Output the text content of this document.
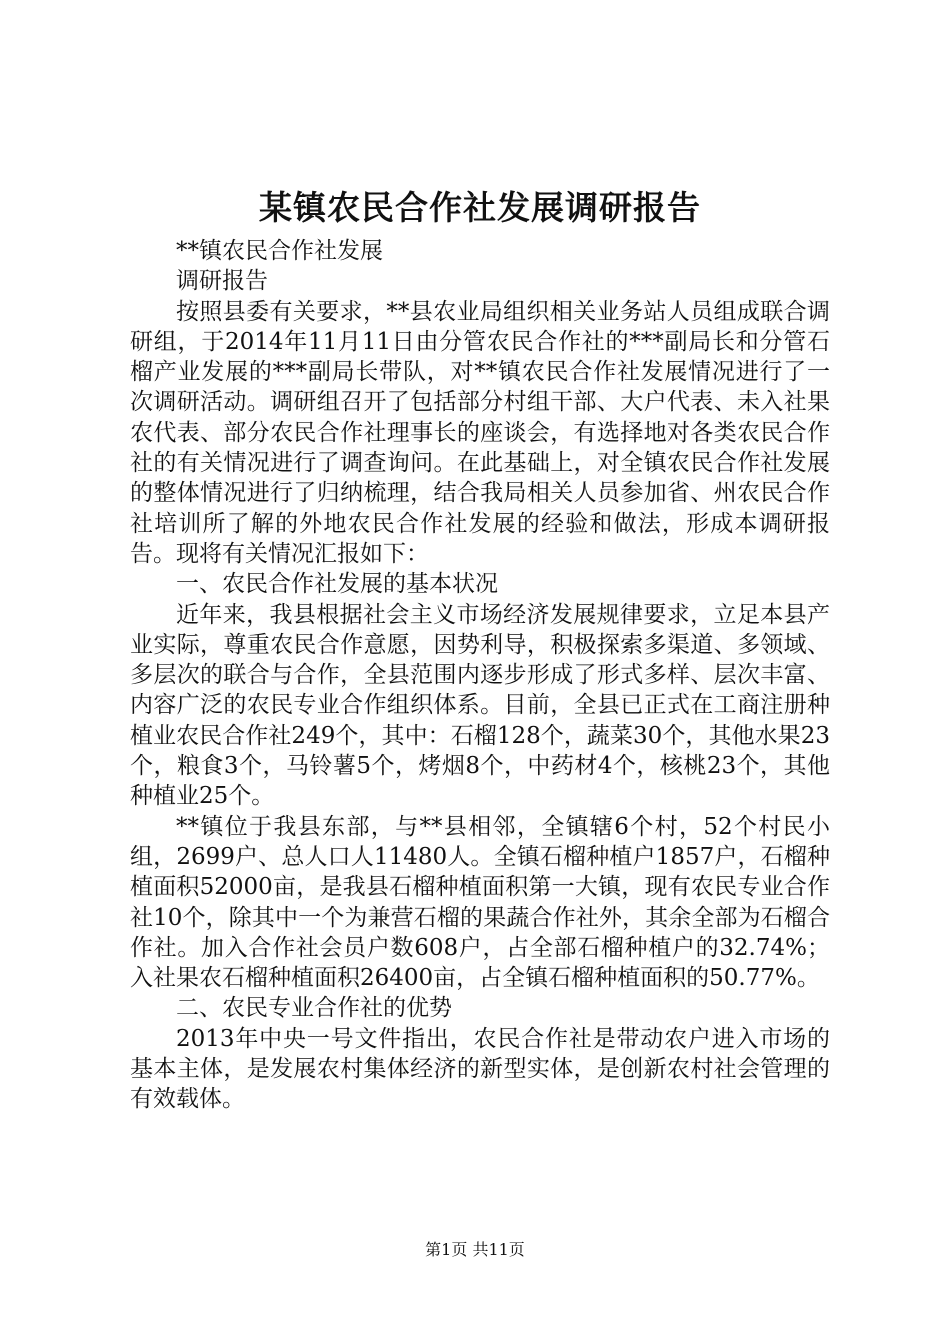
某镇农民合作社发展调研报告

**镇农民合作社发展

调研报告

按照县委有关要求，**县农业局组织相关业务站人员组成联合调研组，于2014年11月11日由分管农民合作社的***副局长和分管石榴产业发展的***副局长带队，对**镇农民合作社发展情况进行了一次调研活动。调研组召开了包括部分村组干部、大户代表、未入社果农代表、部分农民合作社理事长的座谈会，有选择地对各类农民合作社的有关情况进行了调查询问。在此基础上，对全镇农民合作社发展的整体情况进行了归纳梳理，结合我局相关人员参加省、州农民合作社培训所了解的外地农民合作社发展的经验和做法，形成本调研报告。现将有关情况汇报如下：

一、农民合作社发展的基本状况

近年来，我县根据社会主义市场经济发展规律要求，立足本县产业实际，尊重农民合作意愿，因势利导，积极探索多渠道、多领域、多层次的联合与合作，全县范围内逐步形成了形式多样、层次丰富、内容广泛的农民专业合作组织体系。目前，全县已正式在工商注册种植业农民合作社249个，其中：石榴128个，蔬菜30个，其他水果23个，粮食3个，马铃薯5个，烤烟8个，中药材4个，核桃23个，其他种植业25个。

**镇位于我县东部，与**县相邻，全镇辖6个村，52个村民小组，2699户、总人口人11480人。全镇石榴种植户1857户，石榴种植面积52000亩，是我县石榴种植面积第一大镇，现有农民专业合作社10个，除其中一个为兼营石榴的果蔬合作社外，其余全部为石榴合作社。加入合作社会员户数608户，占全部石榴种植户的32.74%；入社果农石榴种植面积26400亩，占全镇石榴种植面积的50.77%。

二、农民专业合作社的优势

2013年中央一号文件指出，农民合作社是带动农户进入市场的基本主体，是发展农村集体经济的新型实体，是创新农村社会管理的有效载体。

第1页 共11页
